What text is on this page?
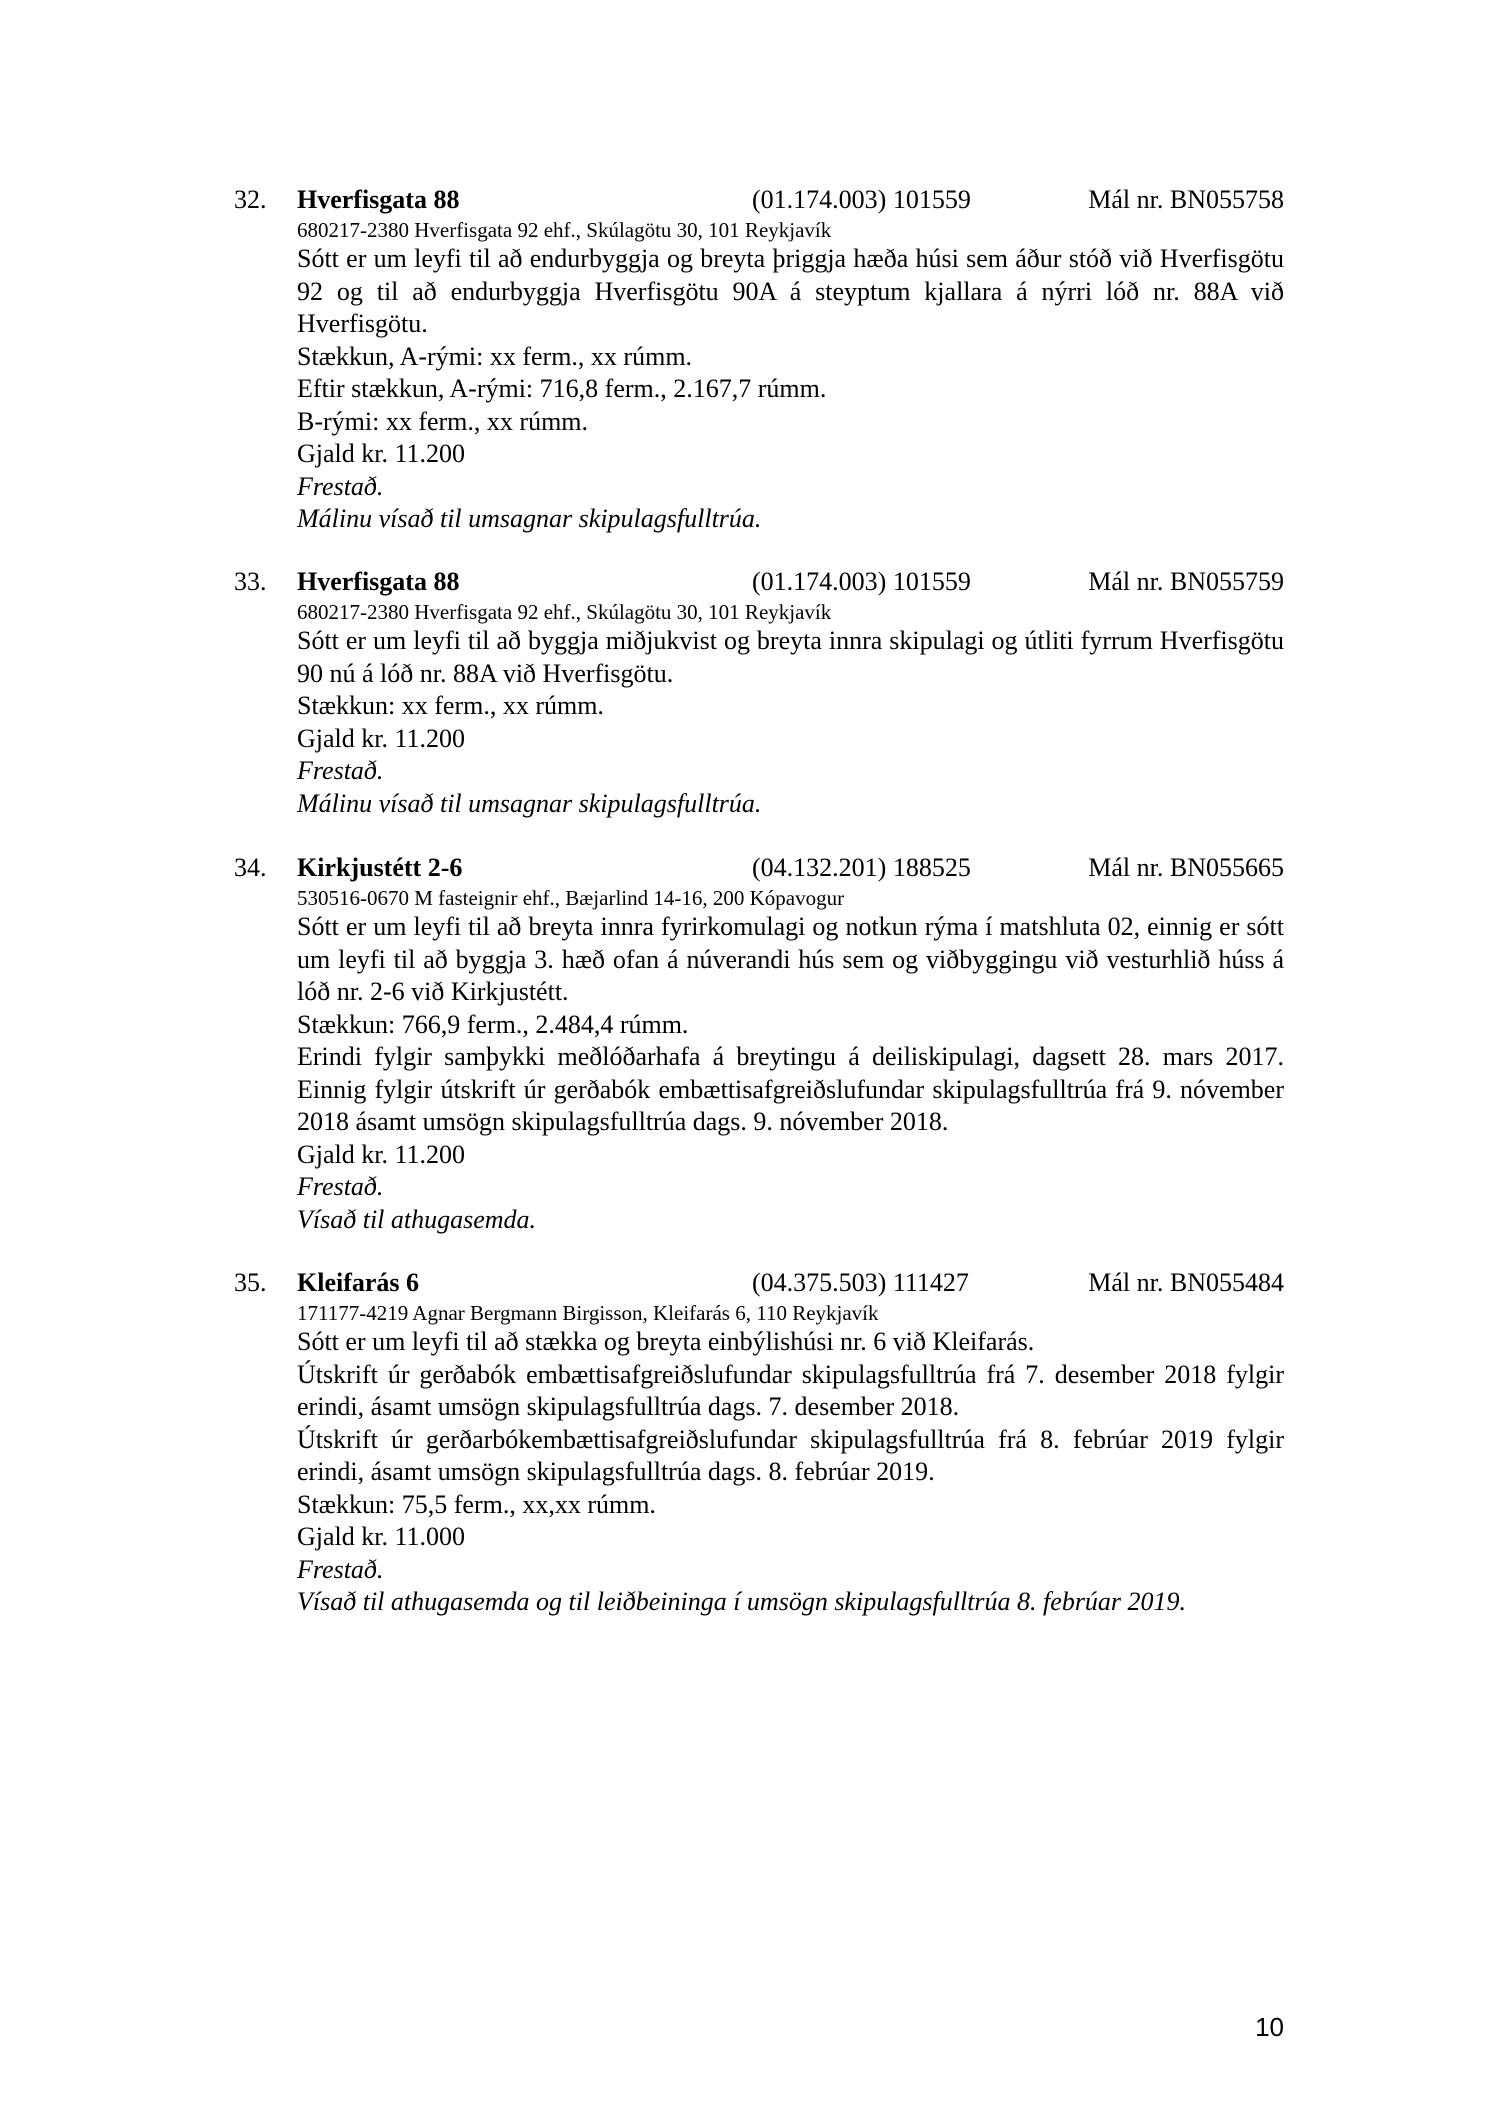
32. Hverfisgata 88	(01.174.003) 101559	Mál nr. BN055758
680217-2380 Hverfisgata 92 ehf., Skúlagötu 30, 101 Reykjavík
Sótt er um leyfi til að endurbyggja og breyta þriggja hæða húsi sem áður stóð við Hverfisgötu 92 og til að endurbyggja Hverfisgötu 90A á steyptum kjallara á nýrri lóð nr. 88A við Hverfisgötu.
Stækkun, A-rými: xx ferm., xx rúmm.
Eftir stækkun, A-rými: 716,8 ferm., 2.167,7 rúmm.
B-rými: xx ferm., xx rúmm.
Gjald kr. 11.200
Frestað.
Málinu vísað til umsagnar skipulagsfulltrúa.
33. Hverfisgata 88	(01.174.003) 101559	Mál nr. BN055759
680217-2380 Hverfisgata 92 ehf., Skúlagötu 30, 101 Reykjavík
Sótt er um leyfi til að byggja miðjukvist og breyta innra skipulagi og útliti fyrrum Hverfisgötu 90 nú á lóð nr. 88A við Hverfisgötu.
Stækkun: xx ferm., xx rúmm.
Gjald kr. 11.200
Frestað.
Málinu vísað til umsagnar skipulagsfulltrúa.
34. Kirkjustétt 2-6	(04.132.201) 188525	Mál nr. BN055665
530516-0670 M fasteignir ehf., Bæjarlind 14-16, 200 Kópavogur
Sótt er um leyfi til að breyta innra fyrirkomulagi og notkun rýma í matshluta 02, einnig er sótt um leyfi til að byggja 3. hæð ofan á núverandi hús sem og viðbyggingu við vesturhlið húss á lóð nr. 2-6 við Kirkjustétt.
Stækkun: 766,9 ferm., 2.484,4 rúmm.
Erindi fylgir samþykki meðlóðarhafa á breytingu á deiliskipulagi, dagsett 28. mars 2017. Einnig fylgir útskrift úr gerðabók embættisafgreiðslufundar skipulagsfulltrúa frá 9. nóvember 2018 ásamt umsögn skipulagsfulltrúa dags. 9. nóvember 2018.
Gjald kr. 11.200
Frestað.
Vísað til athugasemda.
35. Kleifarás 6	(04.375.503) 111427	Mál nr. BN055484
171177-4219 Agnar Bergmann Birgisson, Kleifarás 6, 110 Reykjavík
Sótt er um leyfi til að stækka og breyta einbýlishúsi nr. 6 við Kleifarás.
Útskrift úr gerðabók embættisafgreiðslufundar skipulagsfulltrúa frá 7. desember 2018 fylgir erindi, ásamt umsögn skipulagsfulltrúa dags. 7. desember 2018.
Útskrift úr gerðarbókembættisafgreiðslufundar skipulagsfulltrúa frá 8. febrúar 2019 fylgir erindi, ásamt umsögn skipulagsfulltrúa dags. 8. febrúar 2019.
Stækkun: 75,5 ferm., xx,xx rúmm.
Gjald kr. 11.000
Frestað.
Vísað til athugasemda og til leiðbeininga í umsögn skipulagsfulltrúa 8. febrúar 2019.
10
